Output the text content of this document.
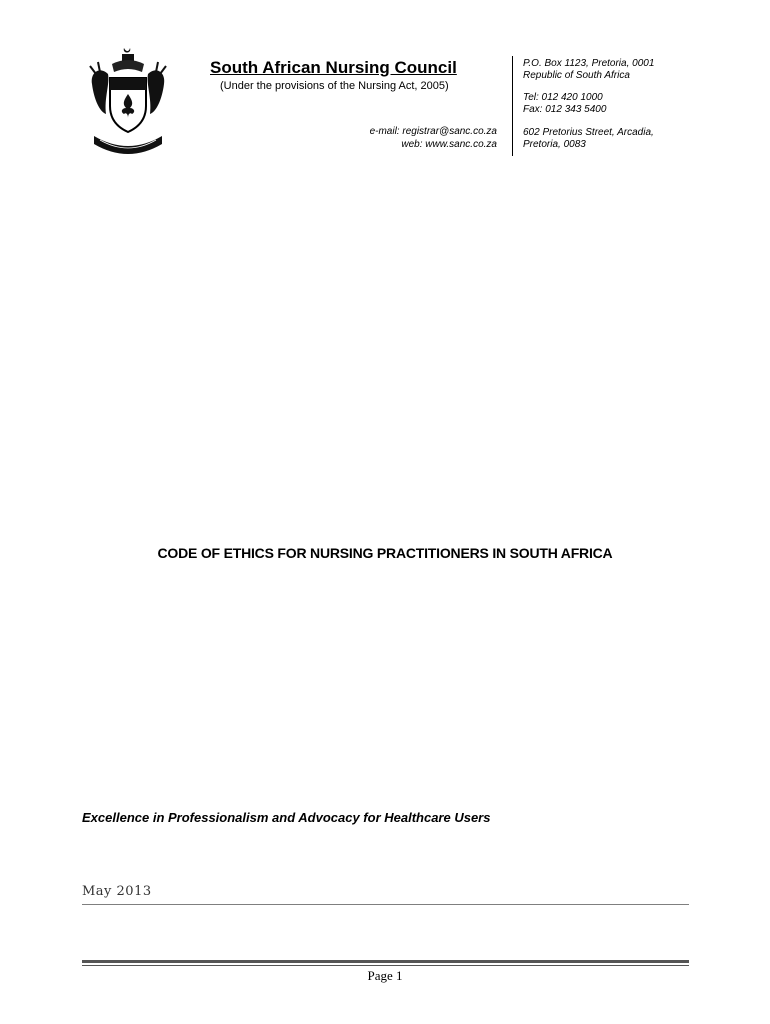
South African Nursing Council
(Under the provisions of the Nursing Act, 2005)
e-mail: registrar@sanc.co.za
web: www.sanc.co.za
P.O. Box 1123, Pretoria, 0001
Republic of South Africa
Tel: 012 420 1000
Fax: 012 343 5400
602 Pretorius Street, Arcadia,
Pretoria, 0083
CODE OF ETHICS FOR NURSING PRACTITIONERS IN SOUTH AFRICA
Excellence in Professionalism and Advocacy for Healthcare Users
May 2013
Page 1
